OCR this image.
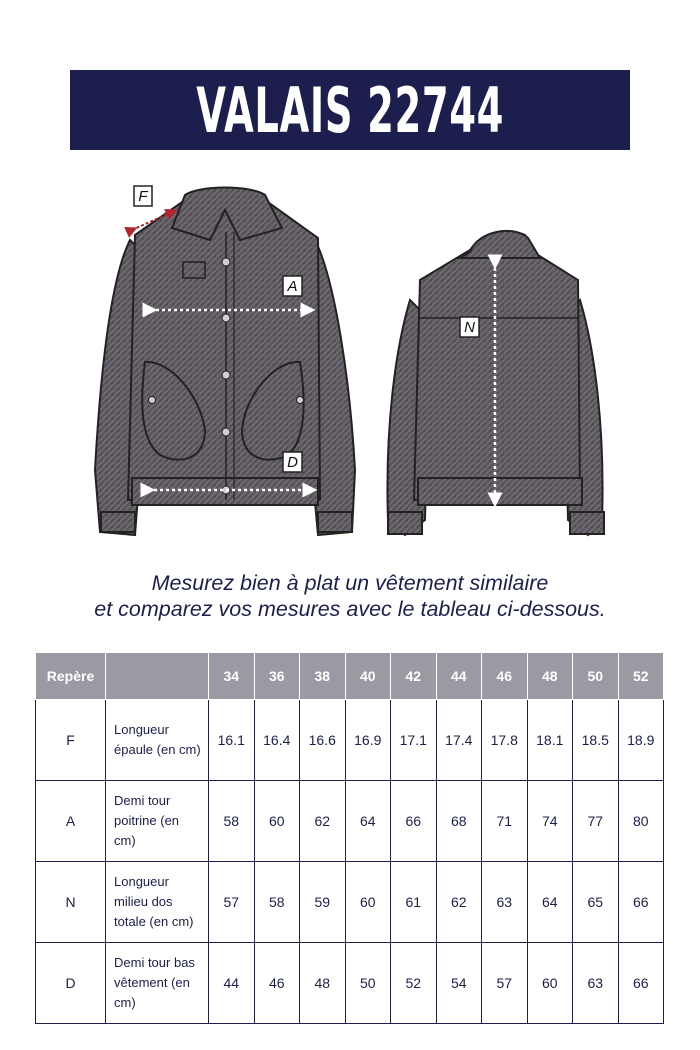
VALAIS 22744
F
A
N
D
Mesurez bien à plat un vêtement similaire
et comparez vos mesures avec le tableau ci-dessous.
Repère		34	36	38	40	42	44	46	48	50	52
F	Longueur épaule (en cm)	16.1	16.4	16.6	16.9	17.1	17.4	17.8	18.1	18.5	18.9
A	Demi tour poitrine (en cm)	58	60	62	64	66	68	71	74	77	80
N	Longueur milieu dos totale (en cm)	57	58	59	60	61	62	63	64	65	66
D	Demi tour bas vêtement (en cm)	44	46	48	50	52	54	57	60	63	66
